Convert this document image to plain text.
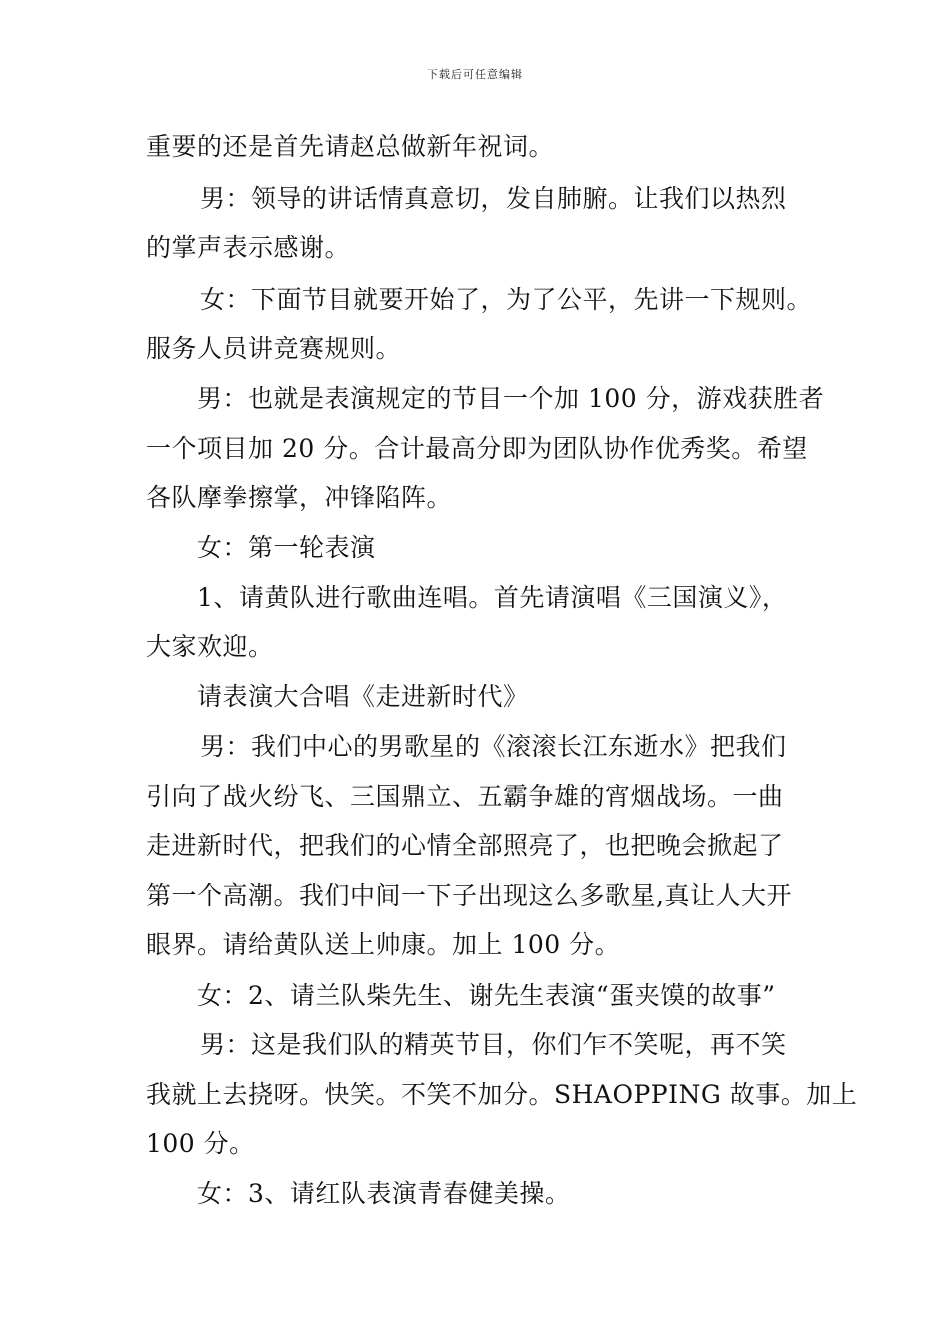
下载后可任意编辑
重要的还是首先请赵总做新年祝词。
男：领导的讲话情真意切，发自肺腑。让我们以热烈
的掌声表示感谢。
女：下面节目就要开始了，为了公平，先讲一下规则。
服务人员讲竞赛规则。
男：也就是表演规定的节目一个加 100 分，游戏获胜者
一个项目加 20 分。合计最高分即为团队协作优秀奖。希望
各队摩拳擦掌，冲锋陷阵。
女：第一轮表演
1、请黄队进行歌曲连唱。首先请演唱《三国演义》，
大家欢迎。
请表演大合唱《走进新时代》
男：我们中心的男歌星的《滚滚长江东逝水》把我们
引向了战火纷飞、三国鼎立、五霸争雄的宵烟战场。一曲
走进新时代，把我们的心情全部照亮了，也把晚会掀起了
第一个高潮。我们中间一下子出现这么多歌星,真让人大开
眼界。请给黄队送上帅康。加上 100 分。
女：2、请兰队柴先生、谢先生表演“蛋夹馍的故事”
男：这是我们队的精英节目，你们乍不笑呢，再不笑
我就上去挠呀。快笑。不笑不加分。SHAOPPING 故事。加上
100 分。
女：3、请红队表演青春健美操。
